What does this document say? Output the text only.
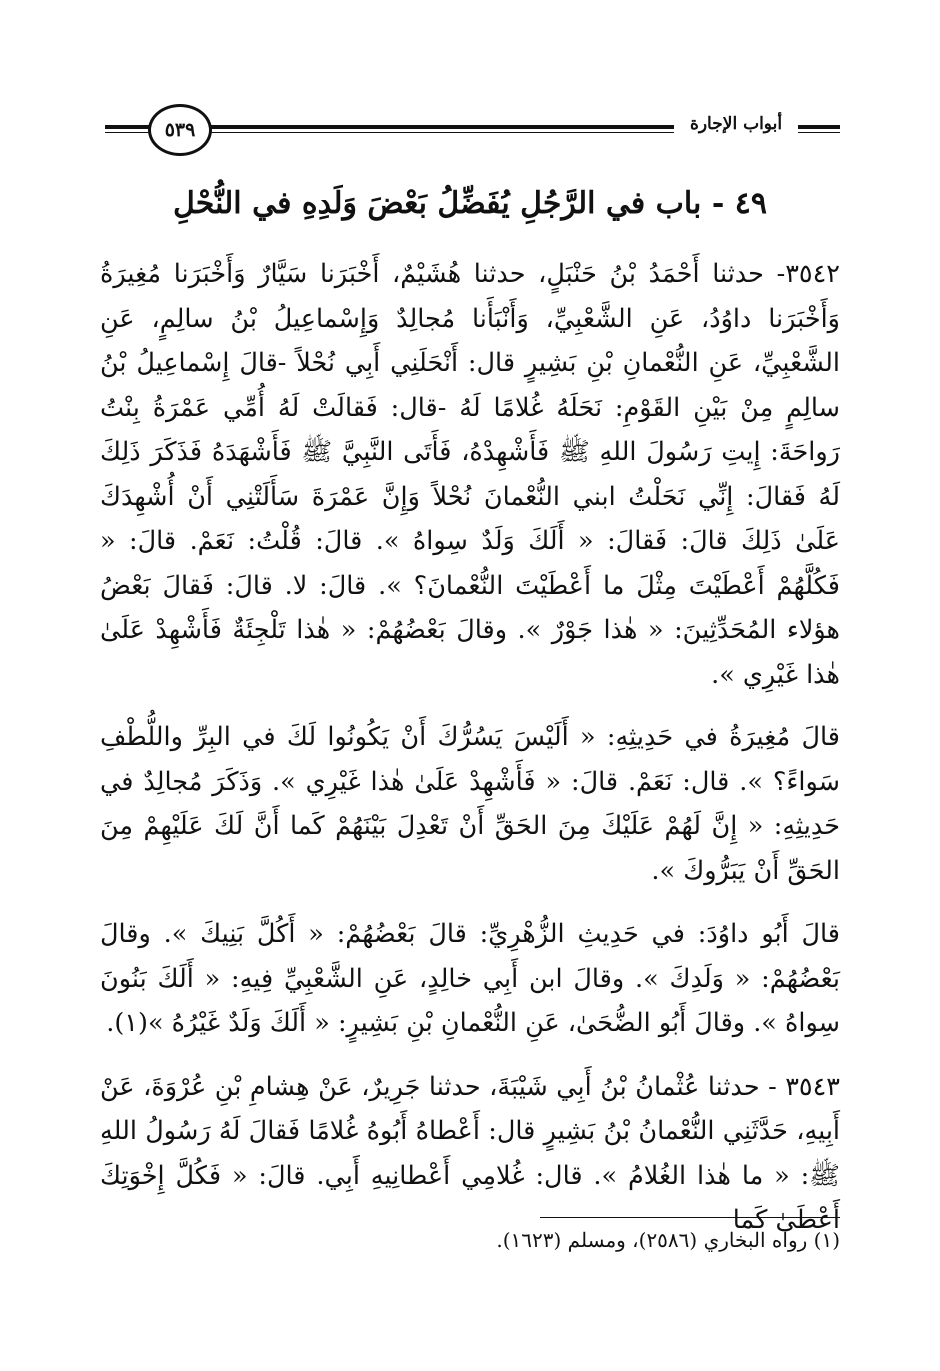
أبواب الإجارة
٥٣٩
٤٩ - باب في الرَّجُلِ يُفَضِّلُ بَعْضَ وَلَدِهِ في النُّحْلِ

٣٥٤٢- حدثنا أَحْمَدُ بْنُ حَنْبَلٍ، حدثنا هُشَيْمٌ، أَخْبَرَنا سَيَّارٌ وَأَخْبَرَنا مُغِيرَةُ وَأَخْبَرَنا داوُدُ، عَنِ الشَّعْبِيِّ، وَأَنْبَأَنا مُجالِدٌ وَإِسْماعِيلُ بْنُ سالِمٍ، عَنِ الشَّعْبِيِّ، عَنِ النُّعْمانِ بْنِ بَشِيرٍ قال: أَنْحَلَنِي أَبِي نُحْلاً -قالَ إِسْماعِيلُ بْنُ سالِمٍ مِنْ بَيْنِ القَوْمِ: نَحَلَهُ غُلامًا لَهُ -قال: فَقالَتْ لَهُ أُمِّي عَمْرَةُ بِنْتُ رَواحَةَ: إِيتِ رَسُولَ اللهِ ﷺ فَأَشْهِدْهُ، فَأَتَى النَّبِيَّ ﷺ فَأَشْهَدَهُ فَذَكَرَ ذَلِكَ لَهُ فَقالَ: إِنِّي نَحَلْتُ ابني النُّعْمانَ نُحْلاً وَإِنَّ عَمْرَةَ سَأَلَتْنِي أَنْ أُشْهِدَكَ عَلَىٰ ذَلِكَ قالَ: فَقالَ: « أَلَكَ وَلَدٌ سِواهُ ». قالَ: قُلْتُ: نَعَمْ. قالَ: « فَكُلَّهُمْ أَعْطَيْتَ مِثْلَ ما أَعْطَيْتَ النُّعْمانَ؟ ». قالَ: لا. قالَ: فَقالَ بَعْضُ هؤلاء المُحَدِّثِينَ: « هٰذا جَوْرٌ ». وقالَ بَعْضُهُمْ: « هٰذا تَلْجِئَةٌ فَأَشْهِدْ عَلَىٰ هٰذا غَيْرِي ».

قالَ مُغِيرَةُ في حَدِيثِهِ: « أَلَيْسَ يَسُرُّكَ أَنْ يَكُونُوا لَكَ في البِرِّ واللُّطْفِ سَواءً؟ ». قال: نَعَمْ. قالَ: « فَأَشْهِدْ عَلَىٰ هٰذا غَيْرِي ». وَذَكَرَ مُجالِدٌ في حَدِيثِهِ: « إِنَّ لَهُمْ عَلَيْكَ مِنَ الحَقِّ أَنْ تَعْدِلَ بَيْنَهُمْ كَما أَنَّ لَكَ عَلَيْهِمْ مِنَ الحَقِّ أَنْ يَبَرُّوكَ ».

قالَ أَبُو داوُدَ: في حَدِيثِ الزُّهْرِيِّ: قالَ بَعْضُهُمْ: « أَكُلَّ بَنِيكَ ». وقالَ بَعْضُهُمْ: « وَلَدِكَ ». وقالَ ابن أَبِي خالِدٍ، عَنِ الشَّعْبِيِّ فِيهِ: « أَلَكَ بَنُونَ سِواهُ ». وقالَ أَبُو الضُّحَىٰ، عَنِ النُّعْمانِ بْنِ بَشِيرٍ: « أَلَكَ وَلَدٌ غَيْرُهُ »(١).

٣٥٤٣ - حدثنا عُثْمانُ بْنُ أَبِي شَيْبَةَ، حدثنا جَرِيرٌ، عَنْ هِشامِ بْنِ عُرْوَةَ، عَنْ أَبِيهِ، حَدَّثَنِي النُّعْمانُ بْنُ بَشِيرٍ قال: أَعْطاهُ أَبُوهُ غُلامًا فَقالَ لَهُ رَسُولُ اللهِ ﷺ: « ما هٰذا الغُلامُ ». قال: غُلامِي أَعْطانِيهِ أَبِي. قالَ: « فَكُلَّ إِخْوَتِكَ أَعْطَىٰ كَما

(١) رواه البخاري (٢٥٨٦)، ومسلم (١٦٢٣).
